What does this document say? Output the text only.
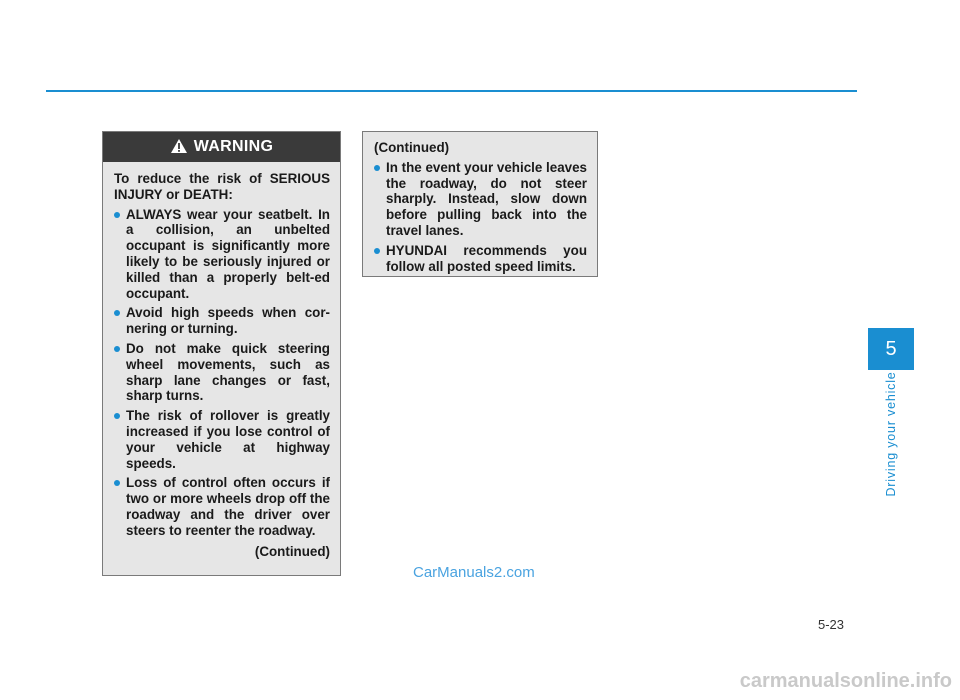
WARNING

To reduce the risk of SERIOUS INJURY or DEATH:

ALWAYS wear your seatbelt. In a collision, an unbelted occupant is significantly more likely to be seriously injured or killed than a properly belt-ed occupant.
Avoid high speeds when cor-nering or turning.
Do not make quick steering wheel movements, such as sharp lane changes or fast, sharp turns.
The risk of rollover is greatly increased if you lose control of your vehicle at highway speeds.
Loss of control often occurs if two or more wheels drop off the roadway and the driver over steers to reenter the roadway.
(Continued)

(Continued)

In the event your vehicle leaves the roadway, do not steer sharply. Instead, slow down before pulling back into the travel lanes.
HYUNDAI recommends you follow all posted speed limits.
5
Driving your vehicle
5-23
CarManuals2.com
carmanualsonline.info
